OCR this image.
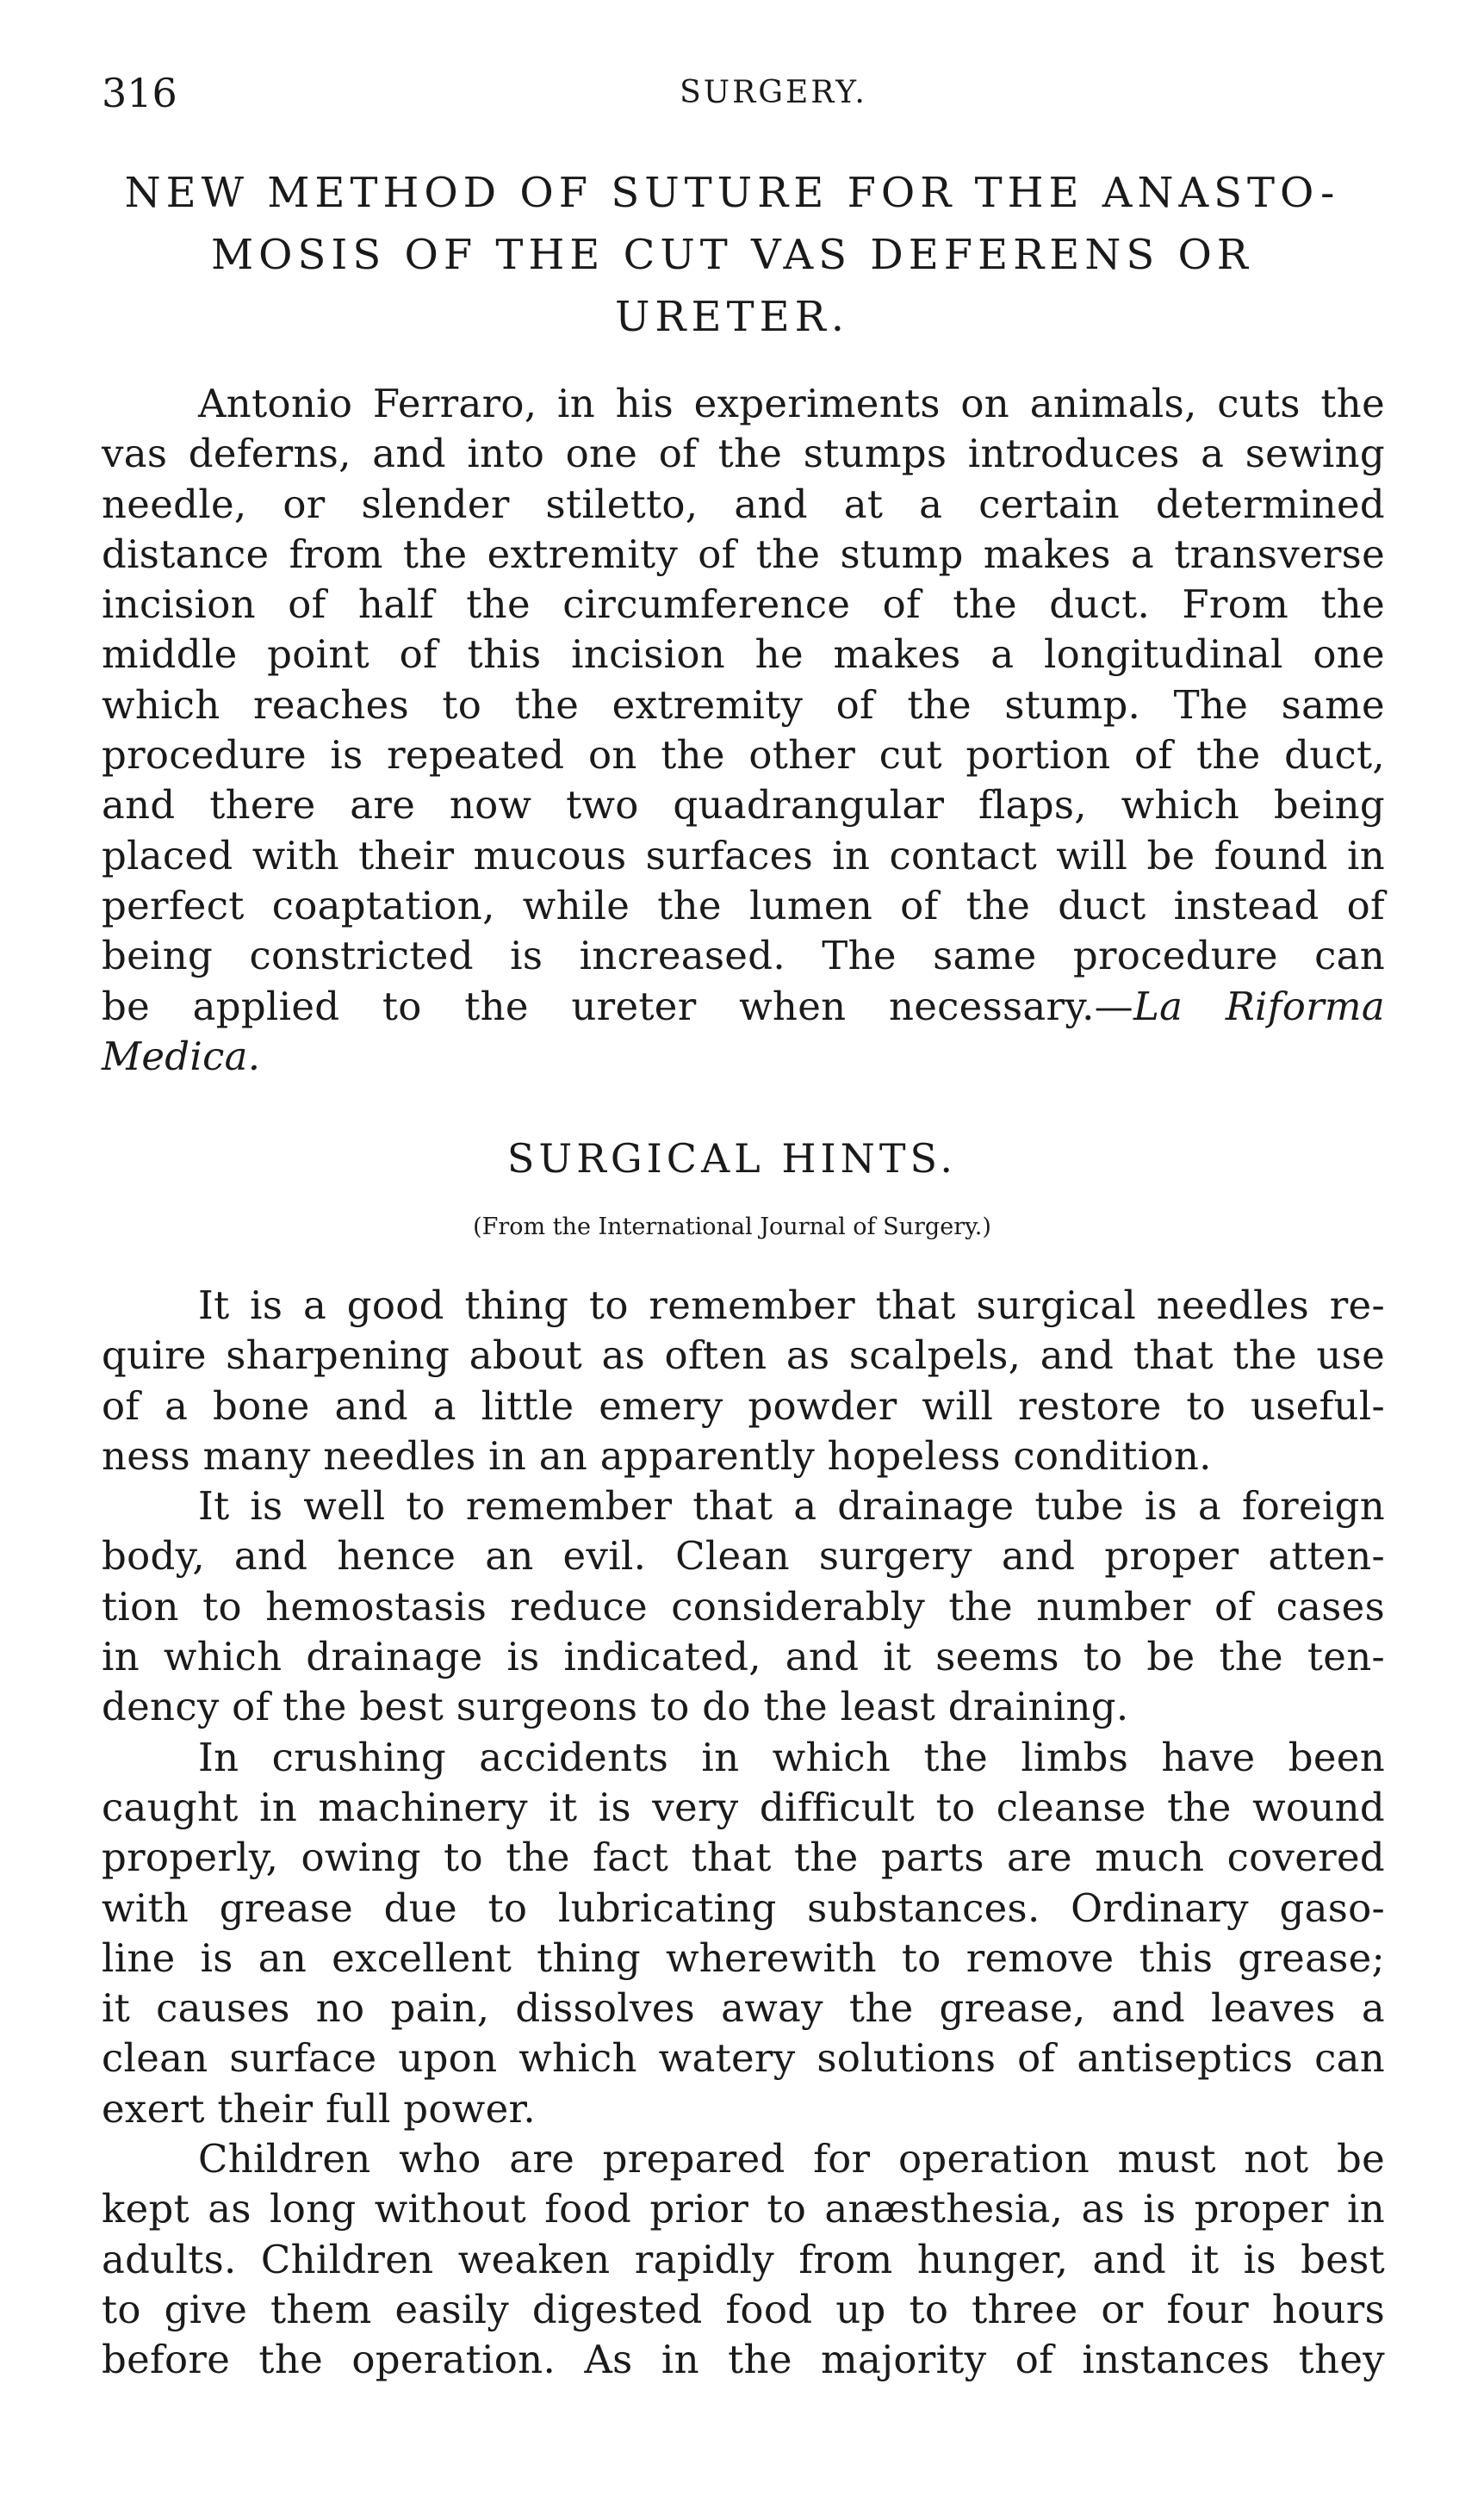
316	SURGERY.
NEW METHOD OF SUTURE FOR THE ANASTO-
MOSIS OF THE CUT VAS DEFERENS OR
URETER.
Antonio Ferraro, in his experiments on animals, cuts the
vas deferns, and into one of the stumps introduces a sewing
needle, or slender stiletto, and at a certain determined
distance from the extremity of the stump makes a transverse
incision of half the circumference of the duct. From the
middle point of this incision he makes a longitudinal one
which reaches to the extremity of the stump. The same
procedure is repeated on the other cut portion of the duct,
and there are now two quadrangular flaps, which being
placed with their mucous surfaces in contact will be found in
perfect coaptation, while the lumen of the duct instead of
being constricted is increased. The same procedure can
be applied to the ureter when necessary.—La Riforma
Medica.
SURGICAL HINTS.
(From the International Journal of Surgery.)
It is a good thing to remember that surgical needles re-
quire sharpening about as often as scalpels, and that the use
of a bone and a little emery powder will restore to useful-
ness many needles in an apparently hopeless condition.
It is well to remember that a drainage tube is a foreign
body, and hence an evil. Clean surgery and proper atten-
tion to hemostasis reduce considerably the number of cases
in which drainage is indicated, and it seems to be the ten-
dency of the best surgeons to do the least draining.
In crushing accidents in which the limbs have been
caught in machinery it is very difficult to cleanse the wound
properly, owing to the fact that the parts are much covered
with grease due to lubricating substances. Ordinary gaso-
line is an excellent thing wherewith to remove this grease;
it causes no pain, dissolves away the grease, and leaves a
clean surface upon which watery solutions of antiseptics can
exert their full power.
Children who are prepared for operation must not be
kept as long without food prior to anæsthesia, as is proper in
adults. Children weaken rapidly from hunger, and it is best
to give them easily digested food up to three or four hours
before the operation. As in the majority of instances they
